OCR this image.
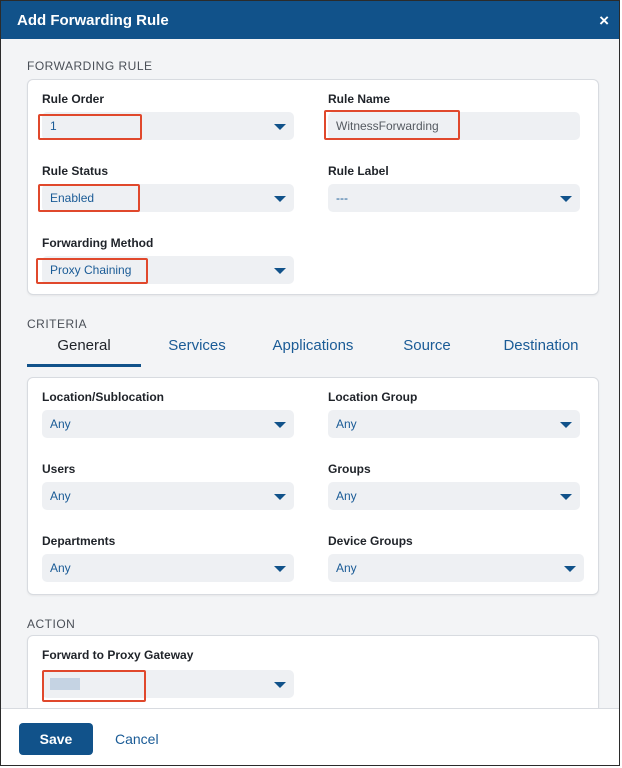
Add Forwarding Rule	×
FORWARDING RULE
Rule Order
1
Rule Name
WitnessForwarding
Rule Status
Enabled
Rule Label
---
Forwarding Method
Proxy Chaining
CRITERIA
General	Services	Applications	Source	Destination
Location/Sublocation
Any
Location Group
Any
Users
Any
Groups
Any
Departments
Any
Device Groups
Any
ACTION
Forward to Proxy Gateway
Save	Cancel
